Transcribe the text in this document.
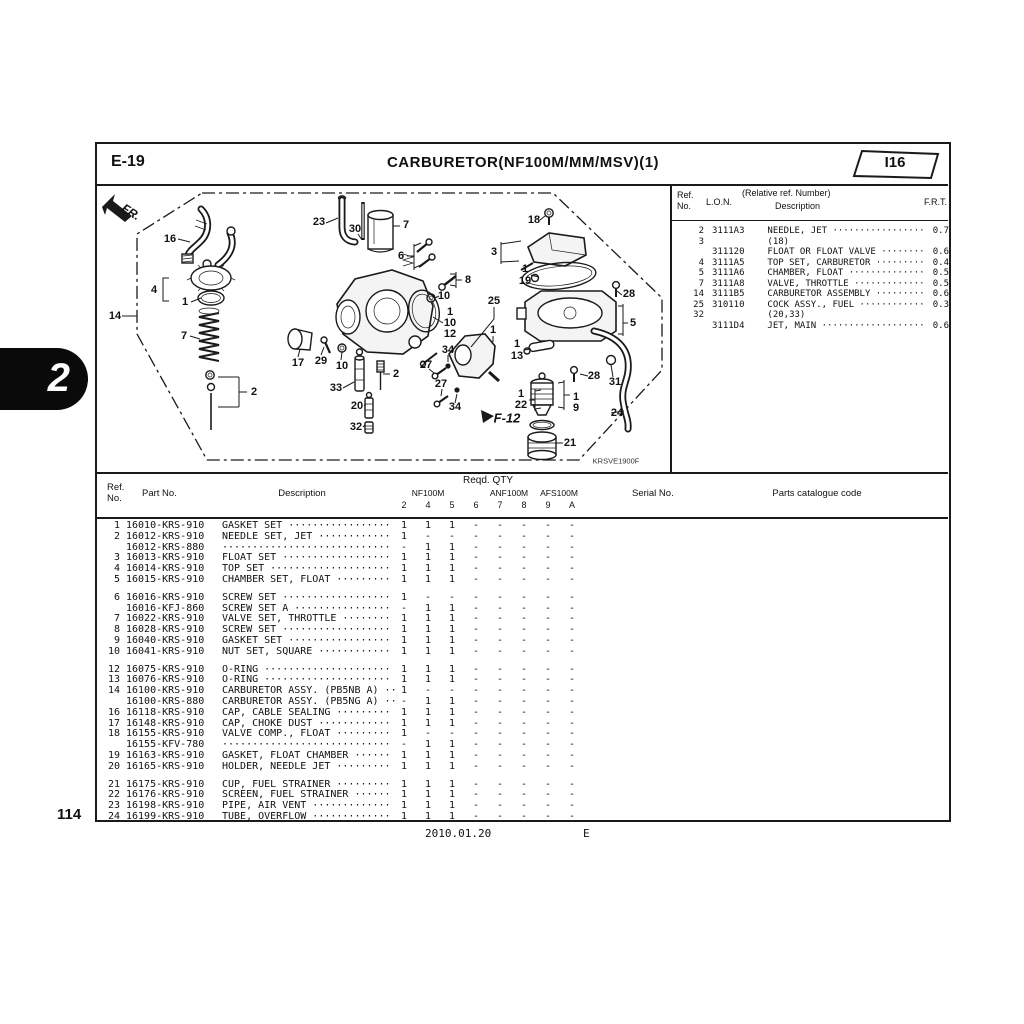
2
114
E-19	CARBURETOR(NF100M/MM/MSV)(1)	I16
16
4
1
7
2
14
23
30	7
6
8
10
1
10
12
17 29 10
33
20
32
2
34
27
27
34
25
1
18
3
1
19
1
13
28
5
28 31
24
21
1
22
1
9
F-12
FR.
KRSVE1900F
Ref.
No. L.O.N.
(Relative ref. Number)
Description	F.R.T.
2 3111A3	NEEDLE, JET ················· 0.7
3	(18)
311120	FLOAT OR FLOAT VALVE ········ 0.6
4 3111A5	TOP SET, CARBURETOR ········· 0.4
5 3111A6	CHAMBER, FLOAT ·············· 0.5
7 3111A8	VALVE, THROTTLE ············· 0.5
14 3111B5	CARBURETOR ASSEMBLY ········· 0.6
25 310110	COCK ASSY., FUEL ············ 0.3
32	(20,33)
3111D4	JET, MAIN ··················· 0.6
Ref.
No. Part No.	Description
Reqd. QTY
NF100M	ANF100M AFS100M
2	4	5	6	7	8	9	A
Serial No.	Parts catalogue code
1 16010-KRS-910	GASKET SET ·················	1	1	1	-	-	-	-	-
2 16012-KRS-910	NEEDLE SET, JET ············	1	-	-	-	-	-	-	-
16012-KRS-880	····························	-	1	1	-	-	-	-	-
3 16013-KRS-910	FLOAT SET ··················	1	1	1	-	-	-	-	-
4 16014-KRS-910	TOP SET ····················	1	1	1	-	-	-	-	-
5 16015-KRS-910	CHAMBER SET, FLOAT ·········	1	1	1	-	-	-	-	-
6 16016-KRS-910	SCREW SET ··················	1	-	-	-	-	-	-	-
16016-KFJ-860	SCREW SET A ················	-	1	1	-	-	-	-	-
7 16022-KRS-910	VALVE SET, THROTTLE ········	1	1	1	-	-	-	-	-
8 16028-KRS-910	SCREW SET ··················	1	1	1	-	-	-	-	-
9 16040-KRS-910	GASKET SET ·················	1	1	1	-	-	-	-	-
10 16041-KRS-910	NUT SET, SQUARE ············	1	1	1	-	-	-	-	-
12 16075-KRS-910	O-RING ·····················	1	1	1	-	-	-	-	-
13 16076-KRS-910	O-RING ·····················	1	1	1	-	-	-	-	-
14 16100-KRS-910	CARBURETOR ASSY. (PB5NB A) ·· 1	-	-	-	-	-	-	-
16100-KRS-880	CARBURETOR ASSY. (PB5NG A) ·· -	1	1	-	-	-	-	-
16 16118-KRS-910	CAP, CABLE SEALING ·········	1	1	1	-	-	-	-	-
17 16148-KRS-910	CAP, CHOKE DUST ············	1	1	1	-	-	-	-	-
18 16155-KRS-910	VALVE COMP., FLOAT ·········	1	-	-	-	-	-	-	-
16155-KFV-780	····························	-	1	1	-	-	-	-	-
19 16163-KRS-910	GASKET, FLOAT CHAMBER ······	1	1	1	-	-	-	-	-
20 16165-KRS-910	HOLDER, NEEDLE JET ·········	1	1	1	-	-	-	-	-
21 16175-KRS-910	CUP, FUEL STRAINER ·········	1	1	1	-	-	-	-	-
22 16176-KRS-910	SCREEN, FUEL STRAINER ······	1	1	1	-	-	-	-	-
23 16198-KRS-910	PIPE, AIR VENT ·············	1	1	1	-	-	-	-	-
24 16199-KRS-910	TUBE, OVERFLOW ·············	1	1	1	-	-	-	-	-
2010.01.20	E
